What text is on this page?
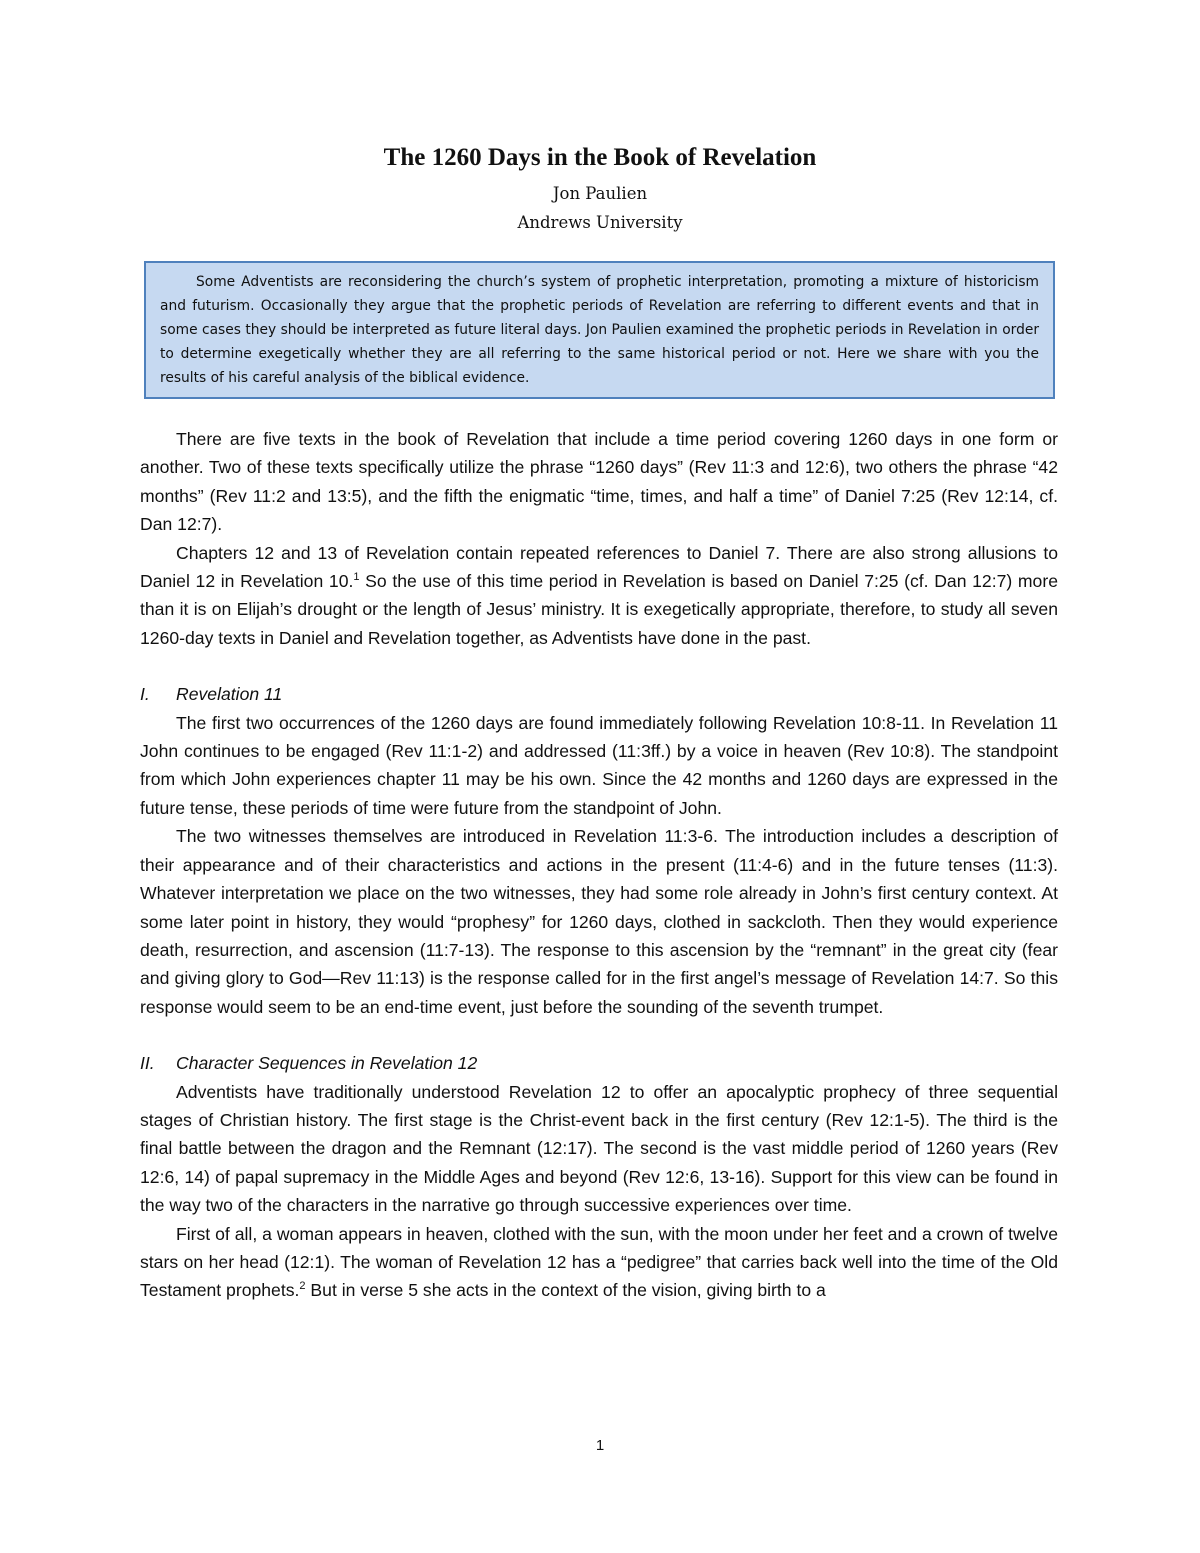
The 1260 Days in the Book of Revelation
Jon Paulien
Andrews University

Some Adventists are reconsidering the church’s system of prophetic interpretation, promoting a mixture of historicism and futurism. Occasionally they argue that the prophetic periods of Revelation are referring to different events and that in some cases they should be interpreted as future literal days. Jon Paulien examined the prophetic periods in Revelation in order to determine exegetically whether they are all referring to the same historical period or not. Here we share with you the results of his careful analysis of the biblical evidence.

There are five texts in the book of Revelation that include a time period covering 1260 days in one form or another. Two of these texts specifically utilize the phrase “1260 days” (Rev 11:3 and 12:6), two others the phrase “42 months” (Rev 11:2 and 13:5), and the fifth the enigmatic “time, times, and half a time” of Daniel 7:25 (Rev 12:14, cf. Dan 12:7).

Chapters 12 and 13 of Revelation contain repeated references to Daniel 7. There are also strong allusions to Daniel 12 in Revelation 10.$^1$ So the use of this time period in Revelation is based on Daniel 7:25 (cf. Dan 12:7) more than it is on Elijah’s drought or the length of Jesus’ ministry. It is exegetically appropriate, therefore, to study all seven 1260-day texts in Daniel and Revelation together, as Adventists have done in the past.

I. Revelation 11

The first two occurrences of the 1260 days are found immediately following Revelation 10:8-11. In Revelation 11 John continues to be engaged (Rev 11:1-2) and addressed (11:3ff.) by a voice in heaven (Rev 10:8). The standpoint from which John experiences chapter 11 may be his own. Since the 42 months and 1260 days are expressed in the future tense, these periods of time were future from the standpoint of John.

The two witnesses themselves are introduced in Revelation 11:3-6. The introduction includes a description of their appearance and of their characteristics and actions in the present (11:4-6) and in the future tenses (11:3). Whatever interpretation we place on the two witnesses, they had some role already in John’s first century context. At some later point in history, they would “prophesy” for 1260 days, clothed in sackcloth. Then they would experience death, resurrection, and ascension (11:7-13). The response to this ascension by the “remnant” in the great city (fear and giving glory to God—Rev 11:13) is the response called for in the first angel’s message of Revelation 14:7. So this response would seem to be an end-time event, just before the sounding of the seventh trumpet.

II. Character Sequences in Revelation 12

Adventists have traditionally understood Revelation 12 to offer an apocalyptic prophecy of three sequential stages of Christian history. The first stage is the Christ-event back in the first century (Rev 12:1-5). The third is the final battle between the dragon and the Remnant (12:17). The second is the vast middle period of 1260 years (Rev 12:6, 14) of papal supremacy in the Middle Ages and beyond (Rev 12:6, 13-16). Support for this view can be found in the way two of the characters in the narrative go through successive experiences over time.

First of all, a woman appears in heaven, clothed with the sun, with the moon under her feet and a crown of twelve stars on her head (12:1). The woman of Revelation 12 has a “pedigree” that carries back well into the time of the Old Testament prophets.$^2$ But in verse 5 she acts in the context of the vision, giving birth to a

1
